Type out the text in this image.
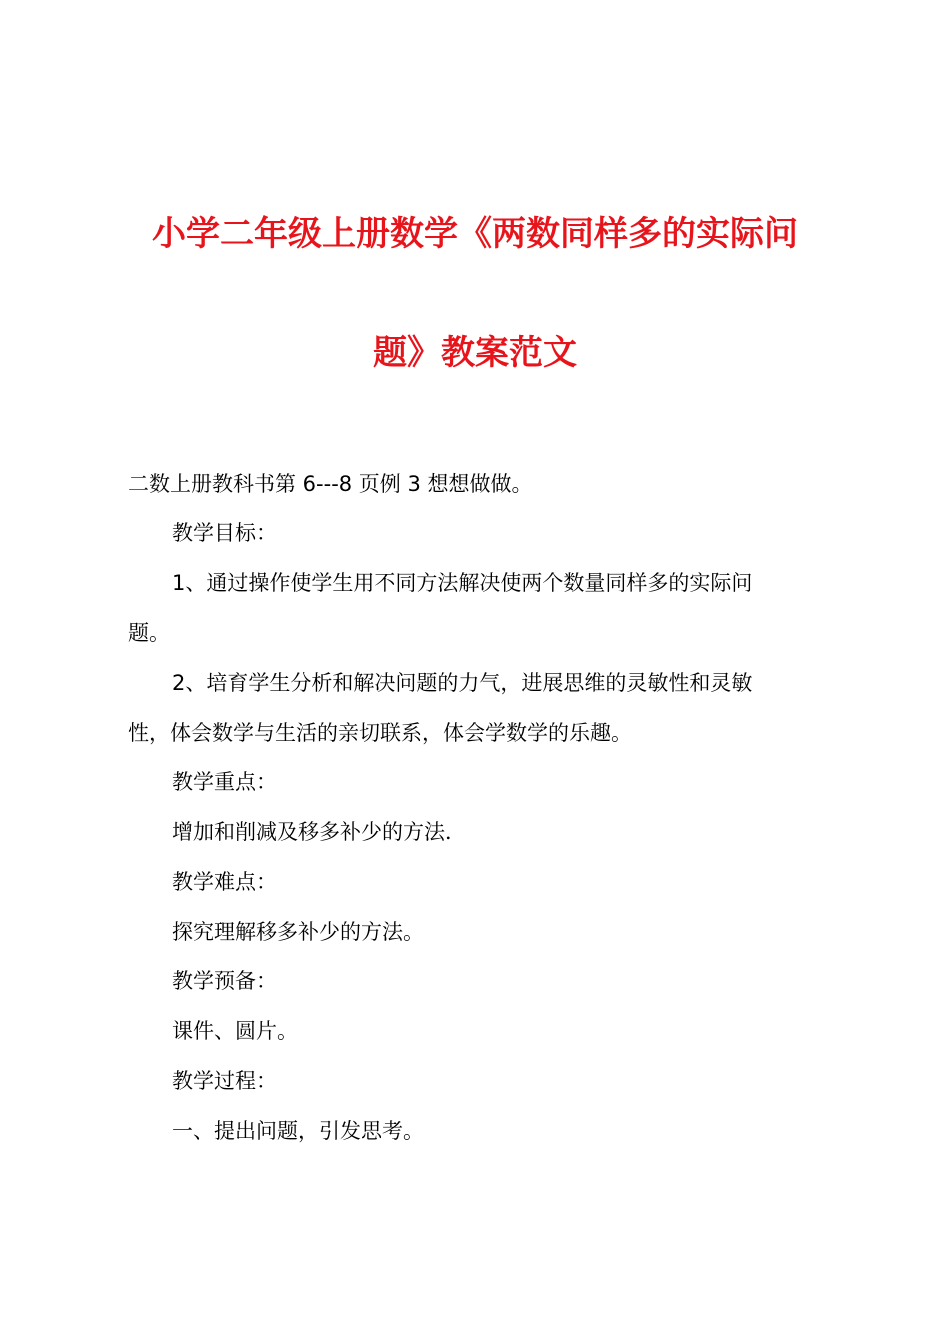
小学二年级上册数学《两数同样多的实际问
题》教案范文

二数上册教科书第 6---8 页例 3 想想做做。

教学目标：

1、通过操作使学生用不同方法解决使两个数量同样多的实际问

题。

2、培育学生分析和解决问题的力气，进展思维的灵敏性和灵敏

性，体会数学与生活的亲切联系，体会学数学的乐趣。

教学重点：

增加和削减及移多补少的方法．

教学难点：

探究理解移多补少的方法。

教学预备：

课件、圆片。

教学过程：

一、提出问题，引发思考。
